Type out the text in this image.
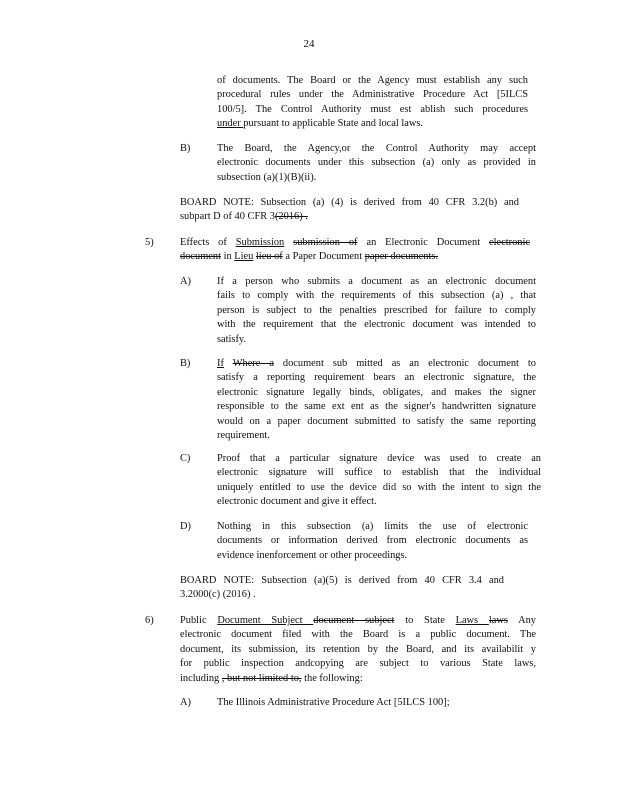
24
of documents. The Board or the Agency must establish any such
procedural rules under the Administrative Procedure Act [5ILCS
100/5]. The Control Authority must est ablish such procedures
under pursuant to applicable State and local laws.
B)	The Board, the Agency,or the Control Authority may accept
electronic documents under this subsection (a) only as provided in
subsection (a)(1)(B)(ii).
BOARD NOTE: Subsection (a) (4) is derived from 40 CFR 3.2(b) and
subpart D of 40 CFR 3(2016) .
5)	Effects of Submission submission of an Electronic Document electronic
document in Lieu lieu of a Paper Document paper documents.
A)	If a person who submits a document as an electronic document
fails to comply with the requirements of this subsection (a) , that
person is subject to the penalties prescribed for failure to comply
with the requirement that the electronic document was intended to
satisfy.
B)	If Where a document sub mitted as an electronic document to
satisfy a reporting requirement bears an electronic signature, the
electronic signature legally binds, obligates, and makes the signer
responsible to the same ext ent as the signer's handwritten signature
would on a paper document submitted to satisfy the same reporting
requirement.
C)	Proof that a particular signature device was used to create an
electronic signature will suffice to establish that the individual
uniquely entitled to use the device did so with the intent to sign the
electronic document and give it effect.
D)	Nothing in this subsection (a) limits the use of electronic
documents or information derived from electronic documents as
evidence inenforcement or other proceedings.
BOARD NOTE: Subsection (a)(5) is derived from 40 CFR 3.4 and
3.2000(c) (2016) .
6)	Public Document Subject document subject to State Laws laws Any
electronic document filed with the Board is a public document. The
document, its submission, its retention by the Board, and its availabilit y
for public inspection andcopying are subject to various State laws,
including , but not limited to, the following:
A)	The Illinois Administrative Procedure Act [5ILCS 100];
